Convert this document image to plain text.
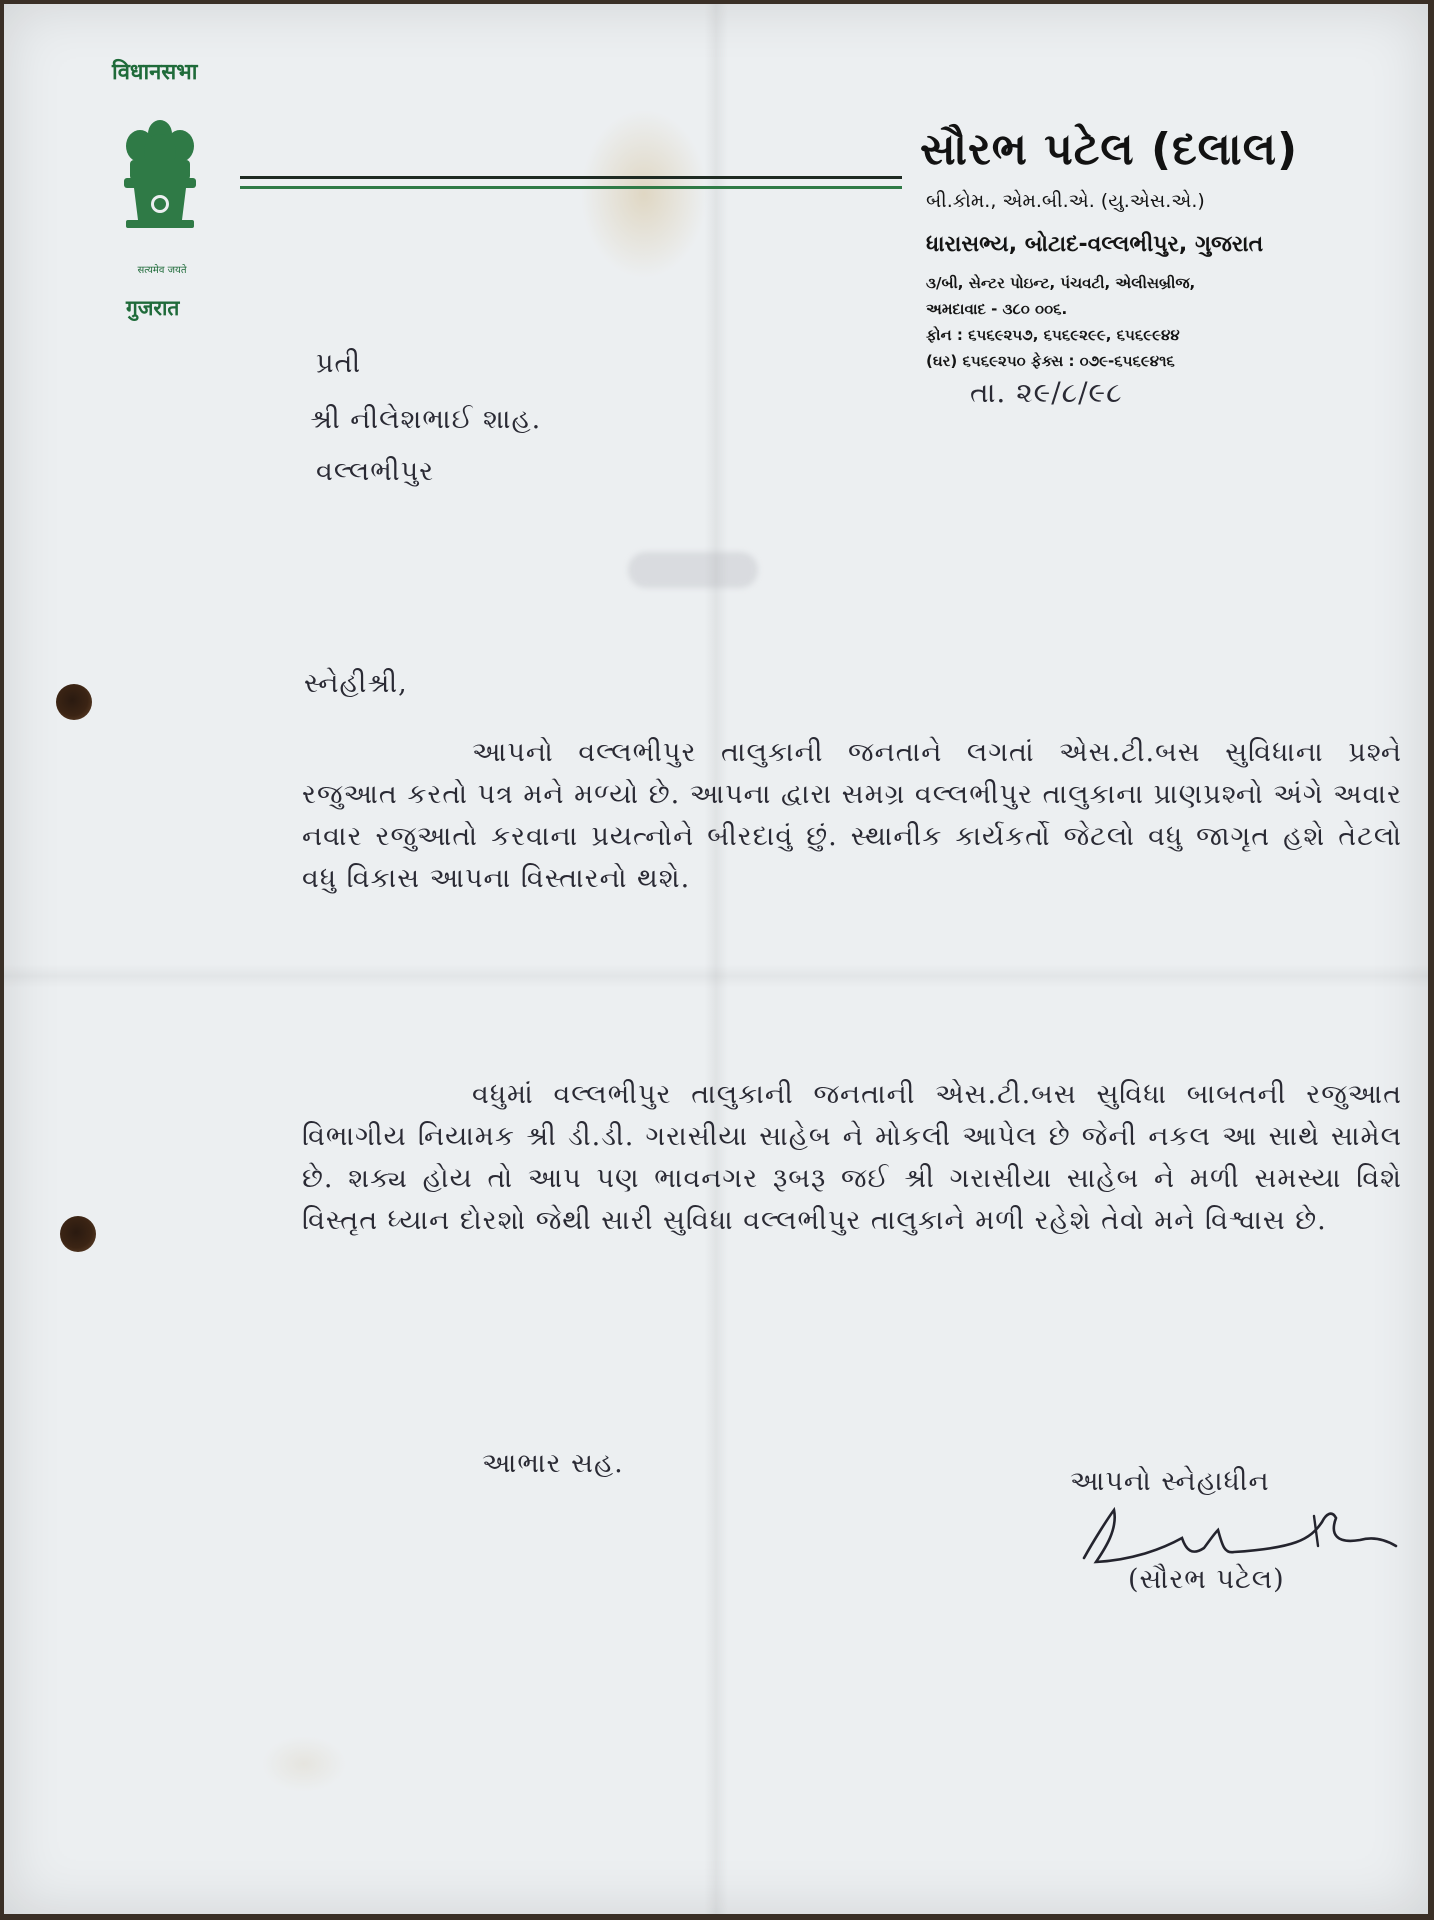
विधानसभा
सत्यमेव जयते
गुजरात
સૌરભ પટેલ (દલાલ)
બી.કોમ., એમ.બી.એ. (યુ.એસ.એ.)
ધારાસભ્ય, બોટાદ-વલ્લભીપુર, ગુજરાત
૩/બી, સેન્ટર પોઇન્ટ, પંચવટી, એલીસબ્રીજ,
અમદાવાદ - ૩૮૦ ૦૦૬.
ફોન : ૬૫૬૯૨૫૭, ૬૫૬૯૨૯૯, ૬૫૬૯૯૪૪
(ઘર) ૬૫૬૯૨૫૦ ફેક્સ : ૦૭૯-૬૫૬૯૪૧૬
તા. ૨૯/૮/૯૮
પ્રતી
શ્રી નીલેશભાઈ શાહ.
વલ્લભીપુર
સ્નેહીશ્રી,
આપનો વલ્લભીપુર તાલુકાની જનતાને લગતાં એસ.ટી.બસ સુવિધાના પ્રશ્ને રજુઆત કરતો પત્ર મને મળ્યો છે. આપના દ્વારા સમગ્ર વલ્લભીપુર તાલુકાના પ્રાણપ્રશ્નો અંગે અવાર નવાર રજુઆતો કરવાના પ્રયત્નોને બીરદાવું છું. સ્થાનીક કાર્યકર્તો જેટલો વધુ જાગૃત હશે તેટલો વધુ વિકાસ આપના વિસ્તારનો થશે.
વધુમાં વલ્લભીપુર તાલુકાની જનતાની એસ.ટી.બસ સુવિધા બાબતની રજુઆત વિભાગીય નિયામક શ્રી ડી.ડી. ગરાસીયા સાહેબ ને મોકલી આપેલ છે જેની નકલ આ સાથે સામેલ છે. શક્ય હોય તો આપ પણ ભાવનગર રૂબરૂ જઈ શ્રી ગરાસીયા સાહેબ ને મળી સમસ્યા વિશે વિસ્તૃત ધ્યાન દોરશો જેથી સારી સુવિધા વલ્લભીપુર તાલુકાને મળી રહેશે તેવો મને વિશ્વાસ છે.
આભાર સહ.
આપનો સ્નેહાધીન
(સૌરભ પટેલ)
